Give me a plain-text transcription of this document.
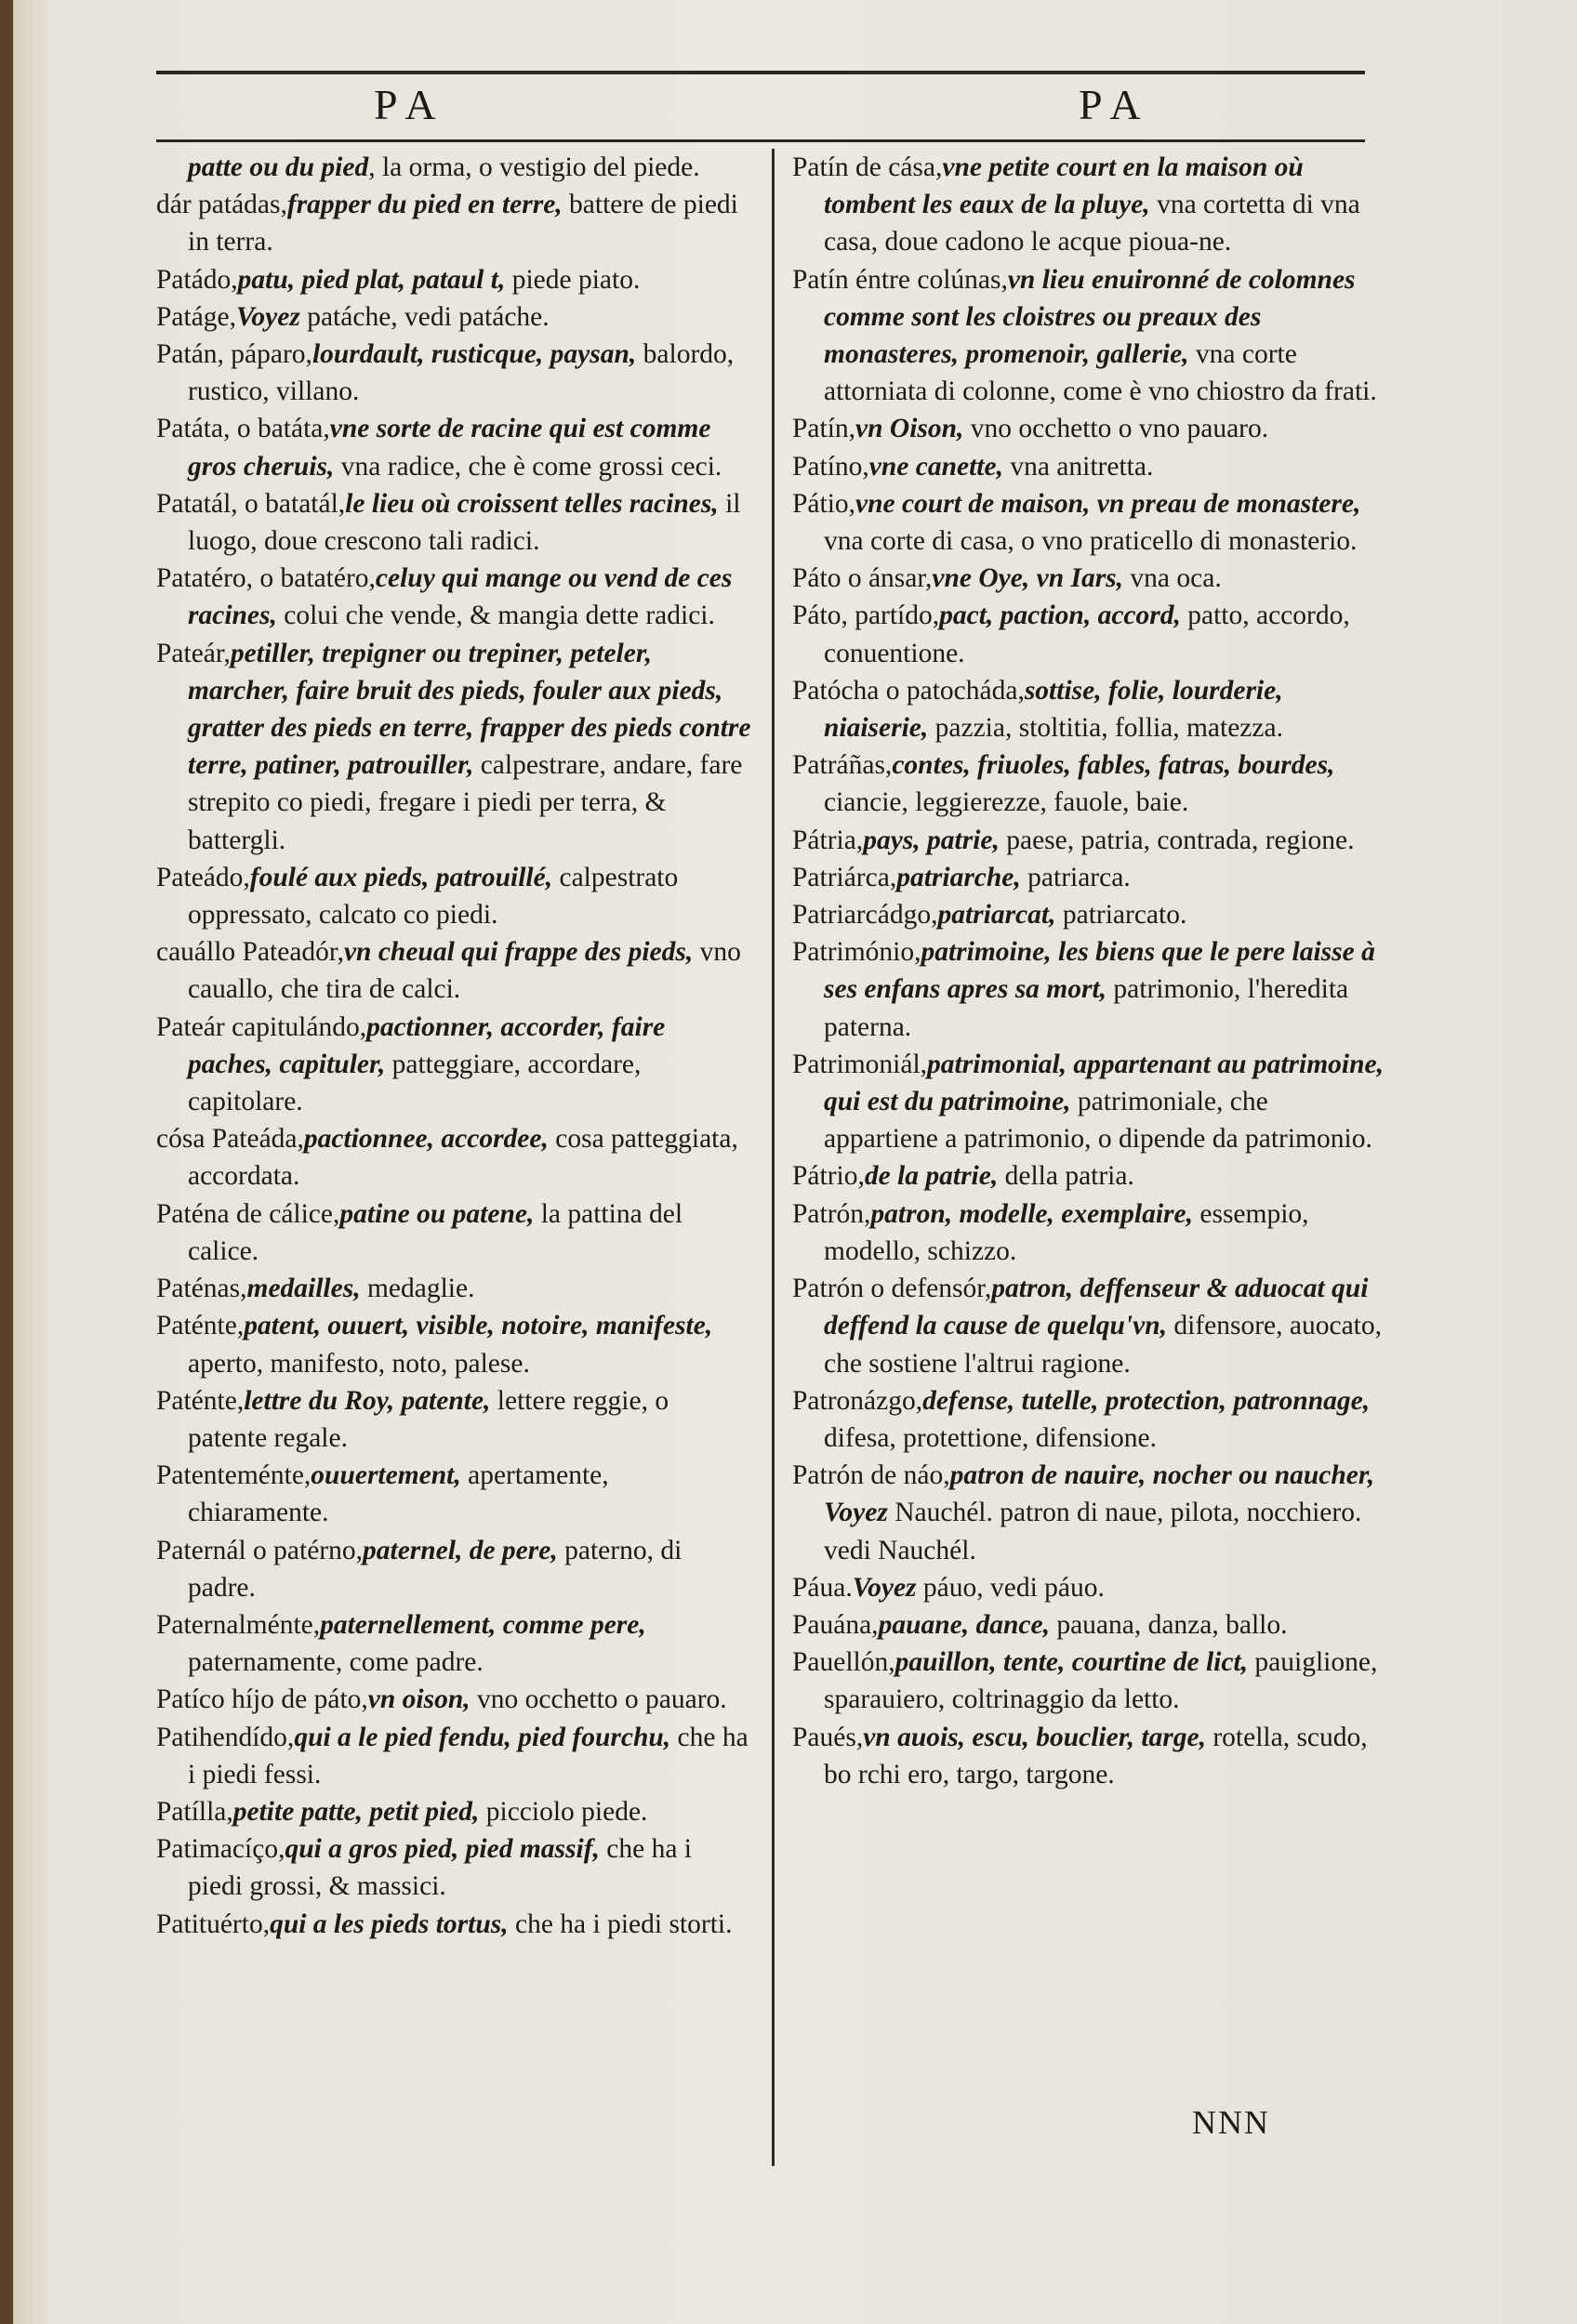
PA	PA
patte ou du pied, la orma, o vestigio del piede.
dár patádas,frapper du pied en terre, battere de piedi in terra.
Patádo,patu, pied plat, pataul t, piede piato.
Patáge,Voyez patáche, vedi patáche.
Patán, páparo,lourdault, rusticque, paysan, balordo, rustico, villano.
Patáta, o batáta,vne sorte de racine qui est comme gros cheruis, vna radice, che è come grossi ceci.
Patatál, o batatál,le lieu où croissent telles racines, il luogo, doue crescono tali radici.
Patatéro, o batatéro,celuy qui mange ou vend de ces racines, colui che vende, & mangia dette radici.
Pateár,petiller, trepigner ou trepiner, peteler, marcher, faire bruit des pieds, fouler aux pieds, gratter des pieds en terre, frapper des pieds contre terre, patiner, patrouiller, calpestrare, andare, fare strepito co piedi, fregare i piedi per terra, & battergli.
Pateádo,foulé aux pieds, patrouillé, calpestrato oppressato, calcato co piedi.
cauállo Pateadór,vn cheual qui frappe des pieds, vno cauallo, che tira de calci.
Pateár capitulándo,pactionner, accorder, faire paches, capituler, patteggiare, accordare, capitolare.
cósa Pateáda,pactionnee, accordee, cosa patteggiata, accordata.
Paténa de cálice,patine ou patene, la pattina del calice.
Paténas,medailles, medaglie.
Paténte,patent, ouuert, visible, notoire, manifeste, aperto, manifesto, noto, palese.
Paténte,lettre du Roy, patente, lettere reggie, o patente regale.
Patenteménte,ouuertement, apertamente, chiaramente.
Paternál o patérno,paternel, de pere, paterno, di padre.
Paternalménte,paternellement, comme pere, paternamente, come padre.
Patíco híjo de páto,vn oison, vno occhetto o pauaro.
Patihendído,qui a le pied fendu, pied fourchu, che ha i piedi fessi.
Patílla,petite patte, petit pied, picciolo piede.
Patimacíço,qui a gros pied, pied massif, che ha i piedi grossi, & massici.
Patituérto,qui a les pieds tortus, che ha i piedi storti.
Patín de cása,vne petite court en la maison où tombent les eaux de la pluye, vna cortetta di vna casa, doue cadono le acque pioua-ne.
Patín éntre colúnas,vn lieu enuironné de colomnes comme sont les cloistres ou preaux des monasteres, promenoir, gallerie, vna corte attorniata di colonne, come è vno chiostro da frati.
Patín,vn Oison, vno occhetto o vno pauaro.
Patíno,vne canette, vna anitretta.
Pátio,vne court de maison, vn preau de monastere, vna corte di casa, o vno praticello di monasterio.
Páto o ánsar,vne Oye, vn Iars, vna oca.
Páto, partído,pact, paction, accord, patto, accordo, conuentione.
Patócha o patocháda,sottise, folie, lourderie, niaiserie, pazzia, stoltitia, follia, matezza.
Patráñas,contes, friuoles, fables, fatras, bourdes, ciancie, leggierezze, fauole, baie.
Pátria,pays, patrie, paese, patria, contrada, regione.
Patriárca,patriarche, patriarca.
Patriarcádgo,patriarcat, patriarcato.
Património,patrimoine, les biens que le pere laisse à ses enfans apres sa mort, patrimonio, l'heredita paterna.
Patrimoniál,patrimonial, appartenant au patrimoine, qui est du patrimoine, patrimoniale, che appartiene a patrimonio, o dipende da patrimonio.
Pátrio,de la patrie, della patria.
Patrón,patron, modelle, exemplaire, essempio, modello, schizzo.
Patrón o defensór,patron, deffenseur & aduocat qui deffend la cause de quelqu'vn, difensore, auocato, che sostiene l'altrui ragione.
Patronázgo,defense, tutelle, protection, patronnage, difesa, protettione, difensione.
Patrón de náo,patron de nauire, nocher ou naucher, Voyez Nauchél. patron di naue, pilota, nocchiero. vedi Nauchél.
Páua.Voyez páuo, vedi páuo.
Pauána,pauane, dance, pauana, danza, ballo.
Pauellón,pauillon, tente, courtine de lict, pauiglione, sparauiero, coltrinaggio da letto.
Paués,vn auois, escu, bouclier, targe, rotella, scudo, bo rchi ero, targo, targone.
NNN
